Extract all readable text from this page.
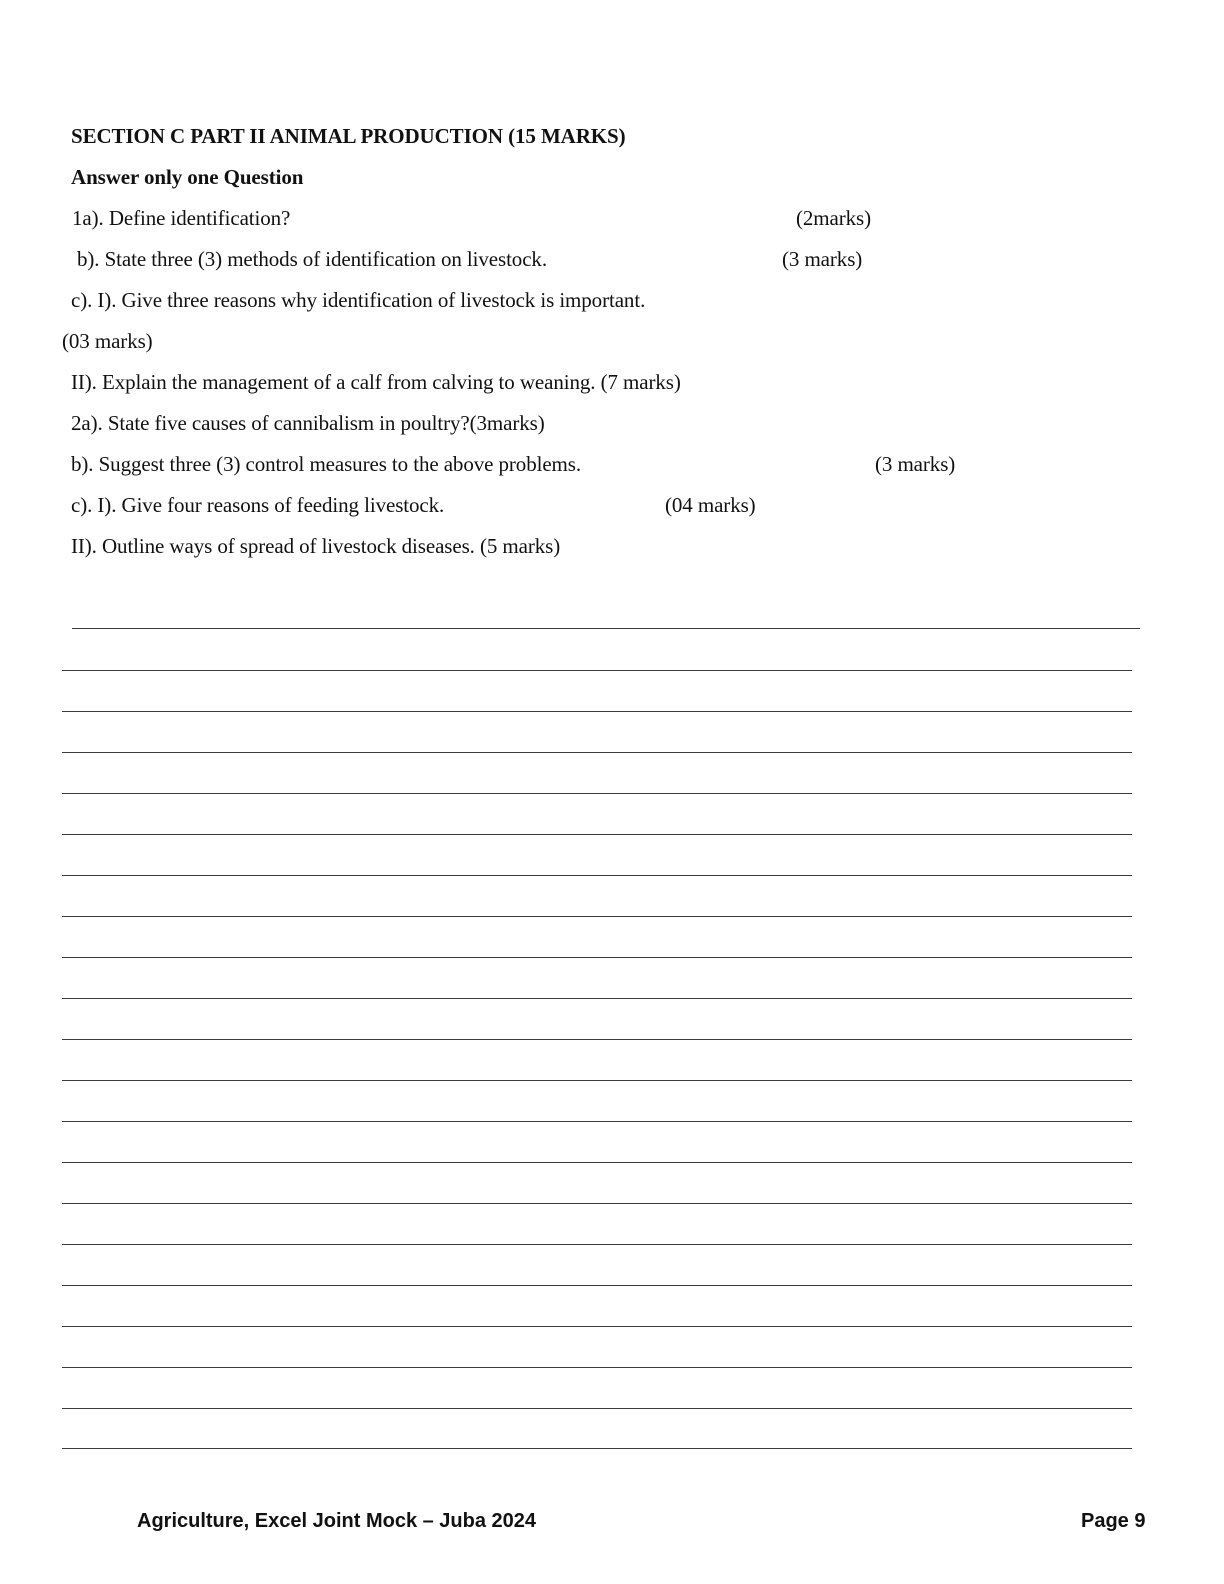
SECTION C PART II ANIMAL PRODUCTION (15 MARKS)
Answer only one Question
1a). Define identification?	(2marks)
b). State three (3) methods of identification on livestock.	(3 marks)
c). I). Give three reasons why identification of livestock is important.
(03 marks)
II). Explain the management of a calf from calving to weaning. (7 marks)
2a). State five causes of cannibalism in poultry?(3marks)
b). Suggest three (3) control measures to the above problems.	(3 marks)
c). I). Give four reasons of feeding livestock.	(04 marks)
II). Outline ways of spread of livestock diseases. (5 marks)
Agriculture, Excel Joint Mock – Juba 2024	Page 9
